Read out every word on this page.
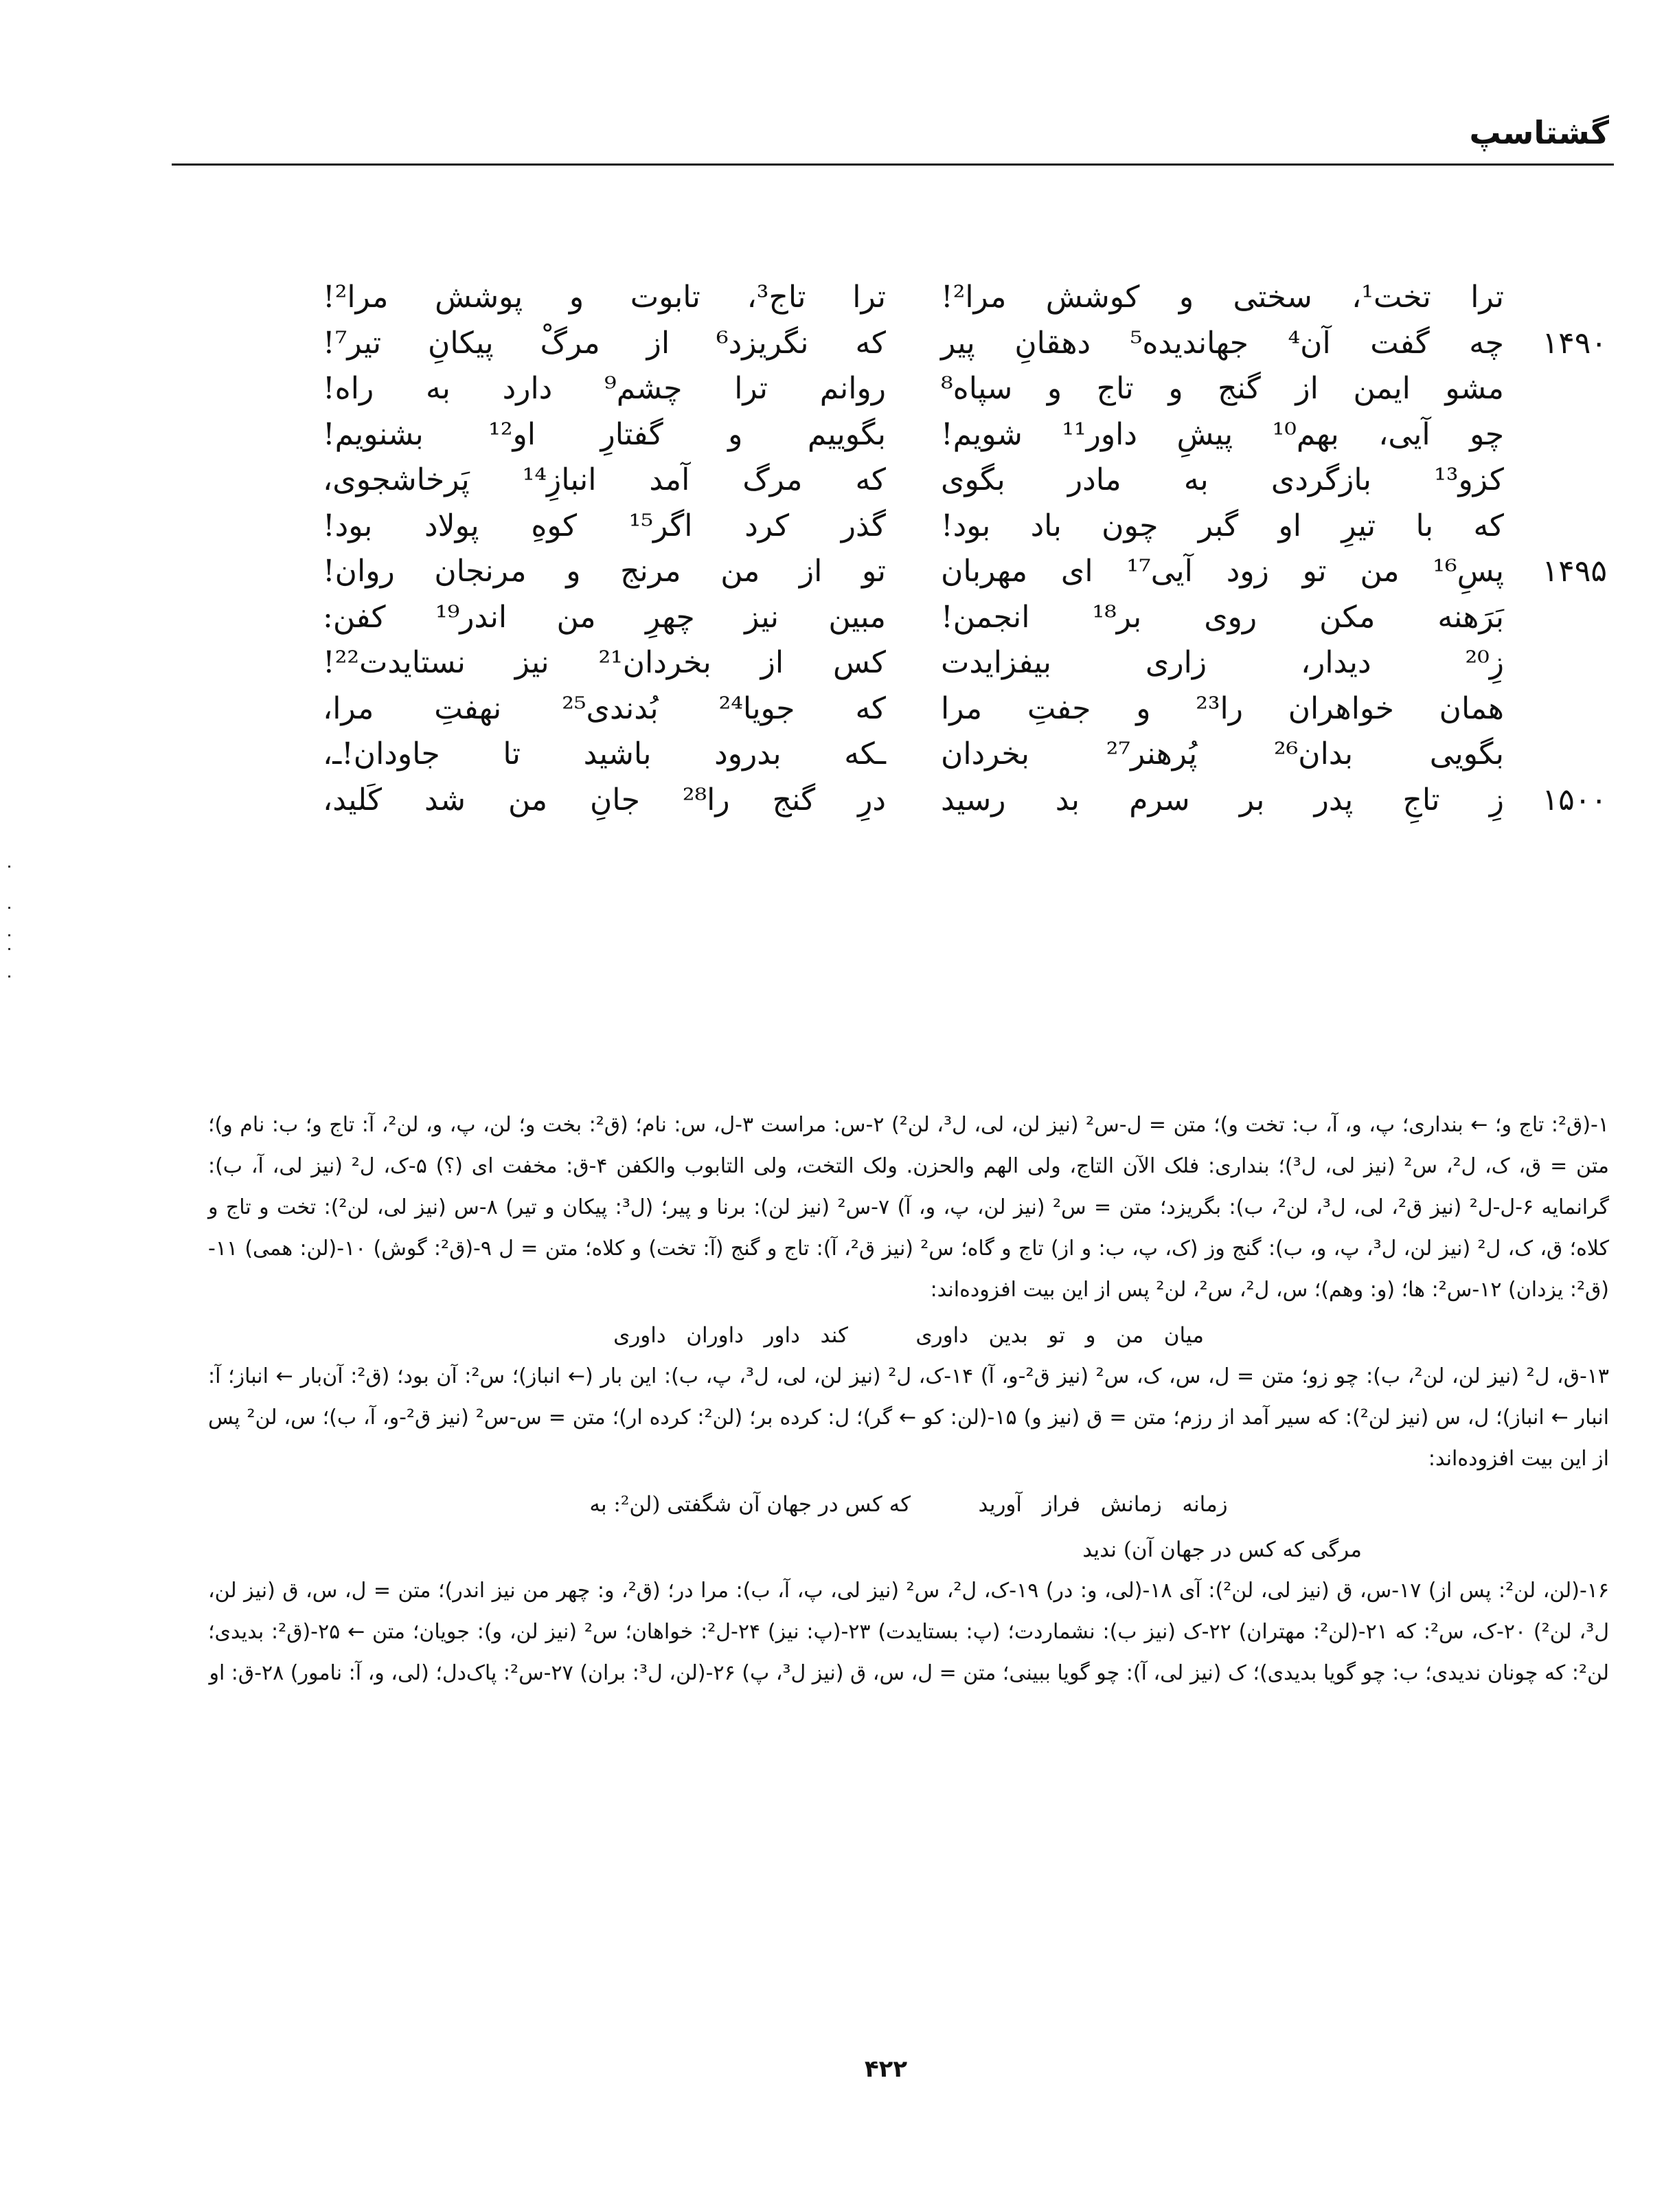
گشتاسپ
ترا تخت¹، سختی و کوشش مرا²!
چه گفت آن⁴ جهاندیده⁵ دهقانِ پیر ۱۴۹۰
مشو ایمن از گنج و تاج و سپاه⁸
چو آیی، بهم¹⁰ پیشِ داور¹¹ شویم!
کزو¹³ بازگردی به مادر بگوی
که با تیرِ او گبر چون باد بود!
پسِ¹⁶ من تو زود آیی¹⁷ ای مهربان ۱۴۹۵
بَرَهنه مکن روی بر¹⁸ انجمن!
زِ²⁰ دیدار، زاری بیفزایدت
همان خواهران را²³ و جفتِ مرا
بگویی بدان²⁶ پُرهنر²⁷ بخردان
زِ تاجِ پدر بر سرم بد رسید ۱۵۰۰
ترا تاج³، تابوت و پوشش مرا²!
که نگریزد⁶ از مرگْ پیکانِ تیر⁷!
روانم ترا چشم⁹ دارد به راه!
بگوییم و گفتارِ او¹² بشنویم!
که مرگ آمد انبازِ¹⁴ پَرخاشجوی،
گذر کرد اگر¹⁵ کوهِ پولاد بود!
تو از من مرنج و مرنجان روان!
مبین نیز چهرِ من اندر¹⁹ کفن:
کس از بخردان²¹ نیز نستایدت²²!
که جویا²⁴ بُدندی²⁵ نهفتِ مرا،
ـکه بدرود باشید تا جاودان!ـ،
درِ گنج را²⁸ جانِ من شد کَلید،

۱-(ق²: تاج و؛ ← بنداری؛ پ، و، آ، ب: تخت و)؛ متن = ل-س² (نیز لن، لی، ل³، لن²) ۲-س: مراست ۳-ل، س: نام؛ (ق²: بخت و؛ لن، پ، و، لن²، آ: تاج و؛ ب: نام و)؛ متن = ق، ک، ل²، س² (نیز لی، ل³)؛ بنداری: فلک الآن التاج، ولی الهم والحزن. ولک التخت، ولی التابوب والکفن ۴-ق: مخفت ای (؟) ۵-ک، ل² (نیز لی، آ، ب): گرانمایه ۶-ل-ل² (نیز ق²، لی، ل³، لن²، ب): بگریزد؛ متن = س² (نیز لن، پ، و، آ) ۷-س² (نیز لن): برنا و پیر؛ (ل³: پیکان و تیر) ۸-س (نیز لی، لن²): تخت و تاج و کلاه؛ ق، ک، ل² (نیز لن، ل³، پ، و، ب): گنج وز (ک، پ، ب: و از) تاج و گاه؛ س² (نیز ق²، آ): تاج و گنج (آ: تخت) و کلاه؛ متن = ل ۹-(ق²: گوش) ۱۰-(لن: همی) ۱۱-(ق²: یزدان) ۱۲-س²: ها؛ (و: وهم)؛ س، ل²، س²، لن² پس از این بیت افزوده‌اند:

میان   من   و   تو   بدین   داوری          کند   داور   داوران   داوری

۱۳-ق، ل² (نیز لن، لن²، ب): چو زو؛ متن = ل، س، ک، س² (نیز ق²-و، آ) ۱۴-ک، ل² (نیز لن، لی، ل³، پ، ب): این بار (← انباز)؛ س²: آن بود؛ (ق²: آن‌بار ← انباز؛ آ: انبار ← انباز)؛ ل، س (نیز لن²): که سیر آمد از رزم؛ متن = ق (نیز و) ۱۵-(لن: کو ← گر)؛ ل: کرده بر؛ (لن²: کرده ار)؛ متن = س-س² (نیز ق²-و، آ، ب)؛ س، لن² پس از این بیت افزوده‌اند:

زمانه   زمانش   فراز   آورید          که کس در جهان آن شگفتی (لن²: به

مرگی که کس در جهان آن) ندید

۱۶-(لن، لن²: پس از) ۱۷-س، ق (نیز لی، لن²): آی ۱۸-(لی، و: در) ۱۹-ک، ل²، س² (نیز لی، پ، آ، ب): مرا در؛ (ق²، و: چهر من نیز اندر)؛ متن = ل، س، ق (نیز لن، ل³، لن²) ۲۰-ک، س²: که ۲۱-(لن²: مهتران) ۲۲-ک (نیز ب): نشماردت؛ (پ: بستایدت) ۲۳-(پ: نیز) ۲۴-ل²: خواهان؛ س² (نیز لن، و): جویان؛ متن ← ۲۵-(ق²: بدیدی؛ لن²: که چونان ندیدی؛ ب: چو گویا بدیدی)؛ ک (نیز لی، آ): چو گویا ببینی؛ متن = ل، س، ق (نیز ل³، پ) ۲۶-(لن، ل³: بران) ۲۷-س²: پاک‌دل؛ (لی، و، آ: نامور) ۲۸-ق: او

۴۲۲
